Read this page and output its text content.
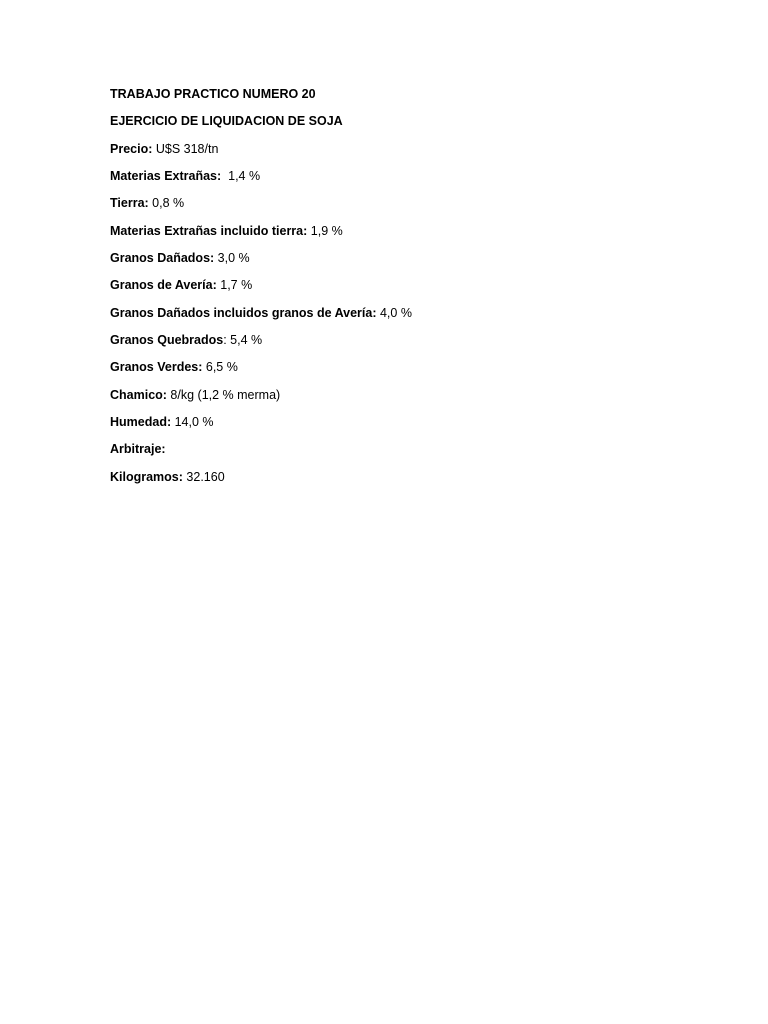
TRABAJO PRACTICO NUMERO 20
EJERCICIO DE LIQUIDACION DE SOJA
Precio: U$S 318/tn
Materias Extrañas:  1,4 %
Tierra: 0,8 %
Materias Extrañas incluido tierra: 1,9 %
Granos Dañados: 3,0 %
Granos de Avería: 1,7 %
Granos Dañados incluidos granos de Avería: 4,0 %
Granos Quebrados: 5,4 %
Granos Verdes: 6,5 %
Chamico: 8/kg (1,2 % merma)
Humedad: 14,0 %
Arbitraje:
Kilogramos: 32.160
